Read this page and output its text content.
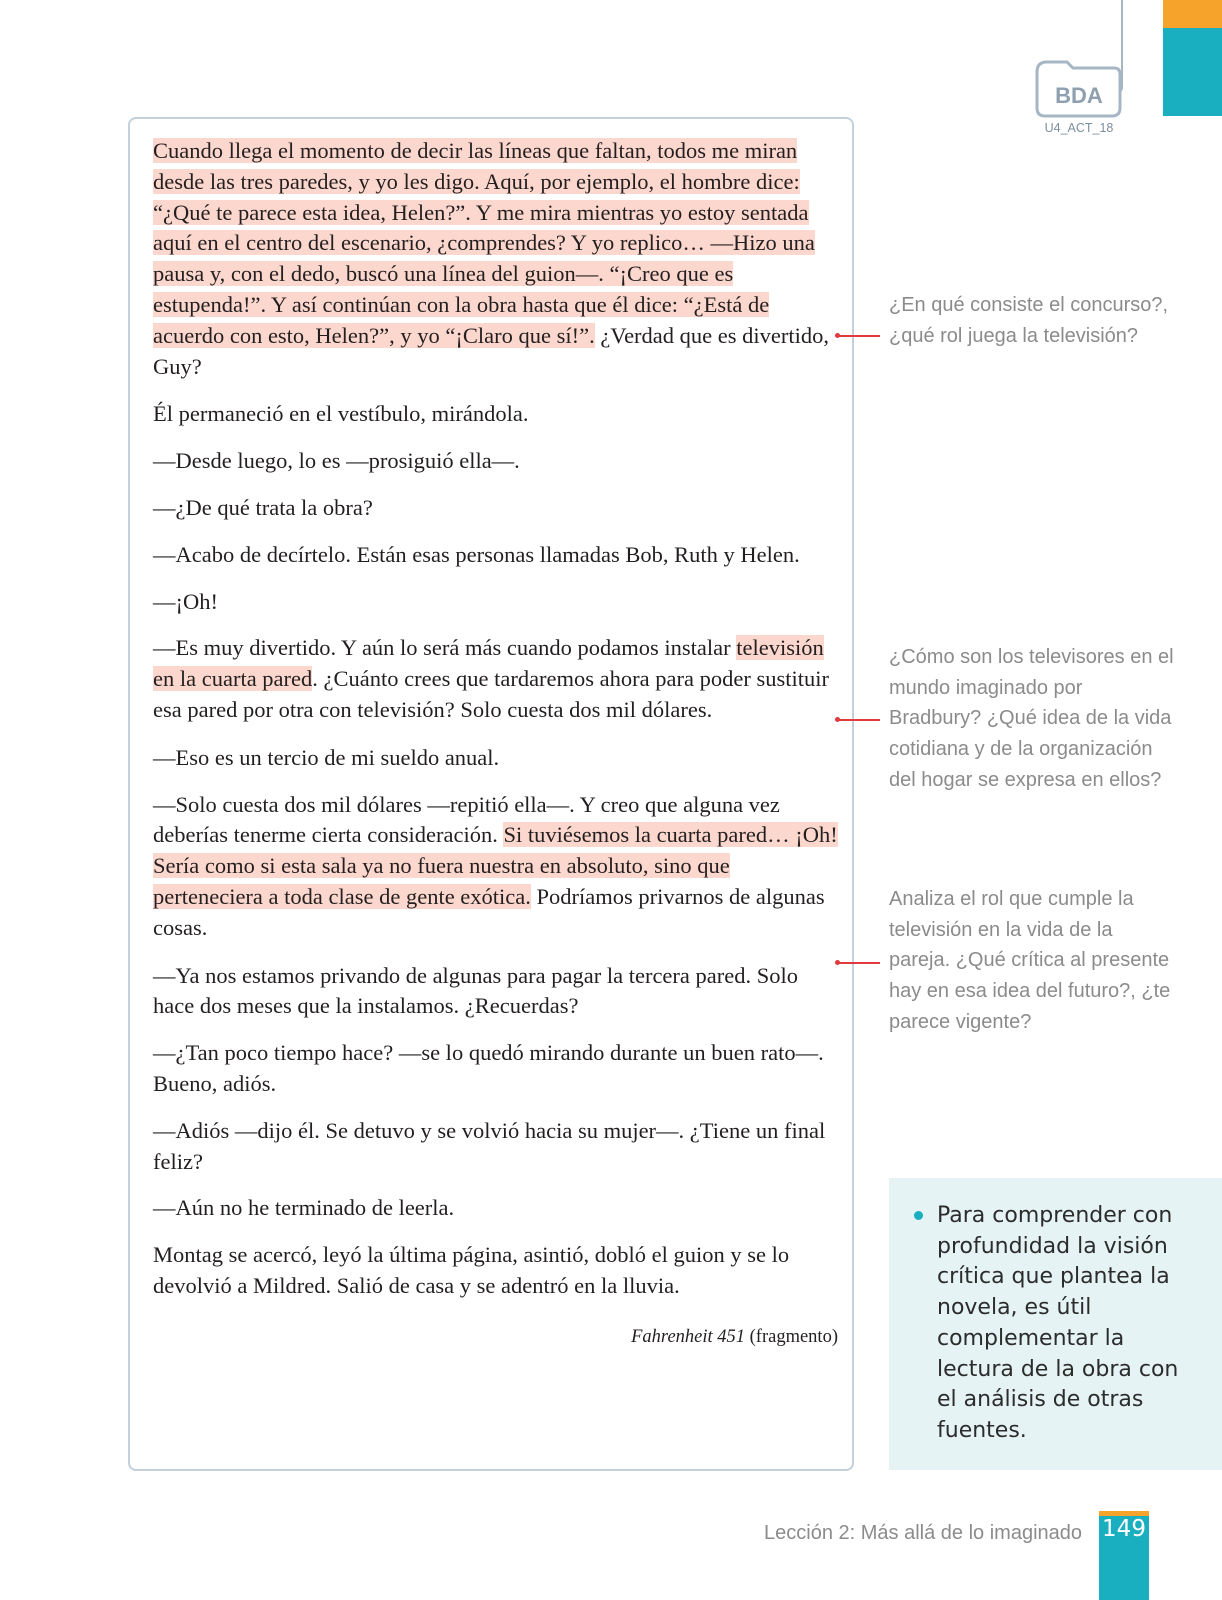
BDA
U4_ACT_18

Cuando llega el momento de decir las líneas que faltan, todos me miran desde las tres paredes, y yo les digo. Aquí, por ejemplo, el hombre dice: “¿Qué te parece esta idea, Helen?”. Y me mira mientras yo estoy sentada aquí en el centro del escenario, ¿comprendes? Y yo replico… —Hizo una pausa y, con el dedo, buscó una línea del guion—. “¡Creo que es estupenda!”. Y así continúan con la obra hasta que él dice: “¿Está de acuerdo con esto, Helen?”, y yo “¡Claro que sí!”. ¿Verdad que es divertido, Guy?

Él permaneció en el vestíbulo, mirándola.

—Desde luego, lo es —prosiguió ella—.

—¿De qué trata la obra?

—Acabo de decírtelo. Están esas personas llamadas Bob, Ruth y Helen.

—¡Oh!

—Es muy divertido. Y aún lo será más cuando podamos instalar televisión en la cuarta pared. ¿Cuánto crees que tardaremos ahora para poder sustituir esa pared por otra con televisión? Solo cuesta dos mil dólares.

—Eso es un tercio de mi sueldo anual.

—Solo cuesta dos mil dólares —repitió ella—. Y creo que alguna vez deberías tenerme cierta consideración. Si tuviésemos la cuarta pared… ¡Oh! Sería como si esta sala ya no fuera nuestra en absoluto, sino que perteneciera a toda clase de gente exótica. Podríamos privarnos de algunas cosas.

—Ya nos estamos privando de algunas para pagar la tercera pared. Solo hace dos meses que la instalamos. ¿Recuerdas?

—¿Tan poco tiempo hace? —se lo quedó mirando durante un buen rato—. Bueno, adiós.

—Adiós —dijo él. Se detuvo y se volvió hacia su mujer—. ¿Tiene un final feliz?

—Aún no he terminado de leerla.

Montag se acercó, leyó la última página, asintió, dobló el guion y se lo devolvió a Mildred. Salió de casa y se adentró en la lluvia.

Fahrenheit 451 (fragmento)
¿En qué consiste el concurso?, ¿qué rol juega la televisión?
¿Cómo son los televisores en el mundo imaginado por Bradbury? ¿Qué idea de la vida cotidiana y de la organización del hogar se expresa en ellos?
Analiza el rol que cumple la televisión en la vida de la pareja. ¿Qué crítica al presente hay en esa idea del futuro?, ¿te parece vigente?
Para comprender con profundidad la visión crítica que plantea la novela, es útil complementar la lectura de la obra con el análisis de otras fuentes.
Lección 2: Más allá de lo imaginado 149
